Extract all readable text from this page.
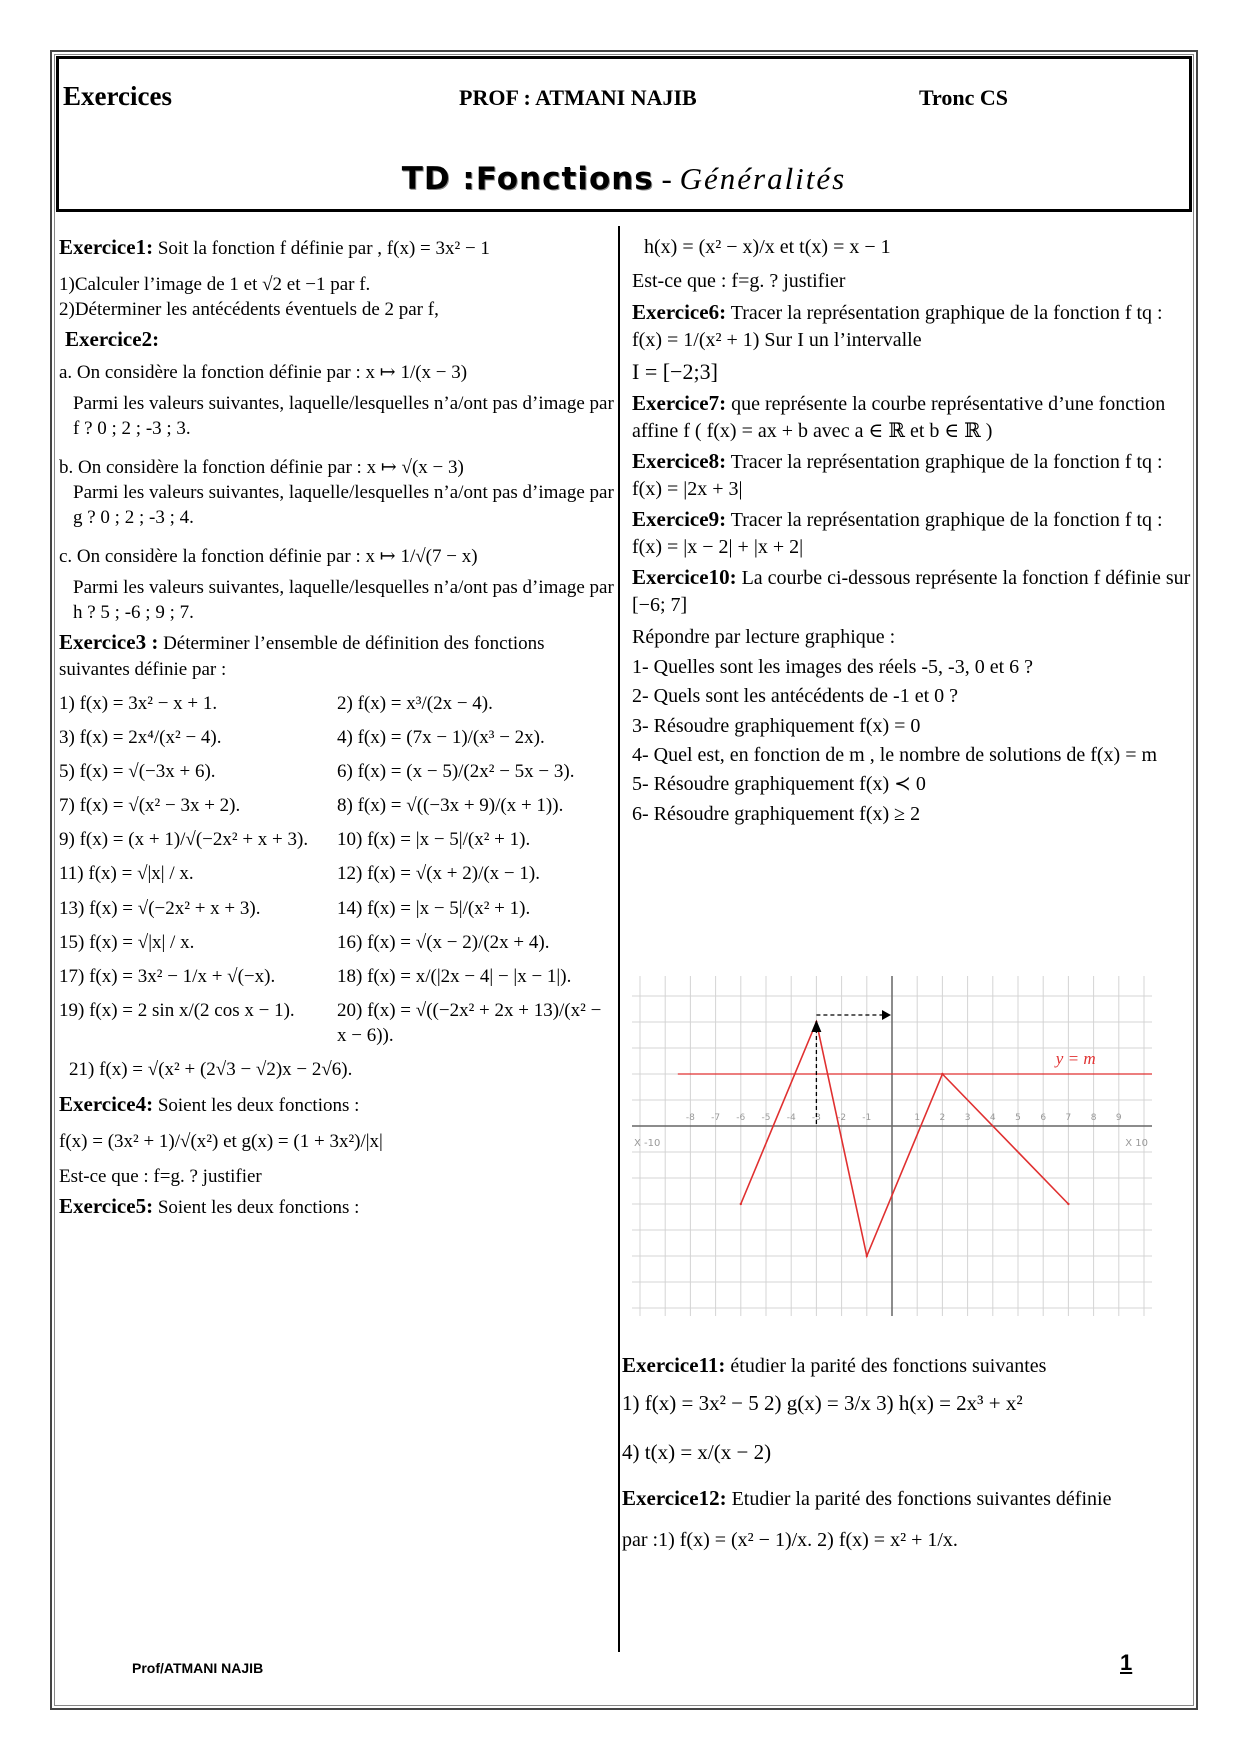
Exercices	PROF : ATMANI NAJIB	Tronc CS
TD :Fonctions - Généralités
Exercice1: Soit la fonction f définie par , f(x) = 3x² − 1
1)Calculer l’image de 1 et √2 et −1 par f.
2)Déterminer les antécédents éventuels de 2 par f,
Exercice2:
a. On considère la fonction définie par : x ↦ 1/(x − 3)
Parmi les valeurs suivantes, laquelle/lesquelles n’a/ont pas d’image par f ? 0 ; 2 ; -3 ; 3.
b. On considère la fonction définie par : x ↦ √(x − 3)
Parmi les valeurs suivantes, laquelle/lesquelles n’a/ont pas d’image par g ? 0 ; 2 ; -3 ; 4.
c. On considère la fonction définie par : x ↦ 1/√(7 − x)
Parmi les valeurs suivantes, laquelle/lesquelles n’a/ont pas d’image par h ? 5 ; -6 ; 9 ; 7.
Exercice3 : Déterminer l’ensemble de définition des fonctions suivantes définie par :
1) f(x) = 3x² − x + 1.	2) f(x) = x³/(2x − 4).
3) f(x) = 2x⁴/(x² − 4).	4) f(x) = (7x − 1)/(x³ − 2x).
5) f(x) = √(−3x + 6).	6) f(x) = (x − 5)/(2x² − 5x − 3).
7) f(x) = √(x² − 3x + 2).	8) f(x) = √((−3x + 9)/(x + 1)).
9) f(x) = (x + 1)/√(−2x² + x + 3).	10) f(x) = |x − 5|/(x² + 1).
11) f(x) = √|x| / x.	12) f(x) = √(x + 2)/(x − 1).
13) f(x) = √(−2x² + x + 3).	14) f(x) = |x − 5|/(x² + 1).
15) f(x) = √|x| / x.	16) f(x) = √(x − 2)/(2x + 4).
17) f(x) = 3x² − 1/x + √(−x).	18) f(x) = x/(|2x − 4| − |x − 1|).
19) f(x) = 2 sin x/(2 cos x − 1).	20) f(x) = √((−2x² + 2x + 13)/(x² − x − 6)).
21) f(x) = √(x² + (2√3 − √2)x − 2√6).
Exercice4: Soient les deux fonctions :
f(x) = (3x² + 1)/√(x²) et g(x) = (1 + 3x²)/|x|
Est-ce que : f=g. ? justifier
Exercice5: Soient les deux fonctions :
h(x) = (x² − x)/x et t(x) = x − 1
Est-ce que : f=g. ? justifier
Exercice6: Tracer la représentation graphique de la fonction f tq : f(x) = 1/(x² + 1) Sur I un l’intervalle
I = [−2;3]
Exercice7: que représente la courbe représentative d’une fonction affine f ( f(x) = ax + b avec a ∈ ℝ et b ∈ ℝ )
Exercice8: Tracer la représentation graphique de la fonction f tq : f(x) = |2x + 3|
Exercice9: Tracer la représentation graphique de la fonction f tq : f(x) = |x − 2| + |x + 2|
Exercice10: La courbe ci-dessous représente la fonction f définie sur [−6; 7]
Répondre par lecture graphique :
1- Quelles sont les images des réels -5, -3, 0 et 6 ?
2- Quels sont les antécédents de -1 et 0 ?
3- Résoudre graphiquement f(x) = 0
4- Quel est, en fonction de m , le nombre de solutions de f(x) = m
5- Résoudre graphiquement f(x) ≺ 0
6- Résoudre graphiquement f(x) ≥ 2
-8 -7 -6 -5 -4 -3 -2 -1	1 2 3 4 5 6 7 8 9
X -10	X 10
y = m
Exercice11: étudier la parité des fonctions suivantes
1) f(x) = 3x² − 5 2) g(x) = 3/x 3) h(x) = 2x³ + x²
4) t(x) = x/(x − 2)
Exercice12: Etudier la parité des fonctions suivantes définie
par :1) f(x) = (x² − 1)/x. 2) f(x) = x² + 1/x.
Prof/ATMANI NAJIB	1
